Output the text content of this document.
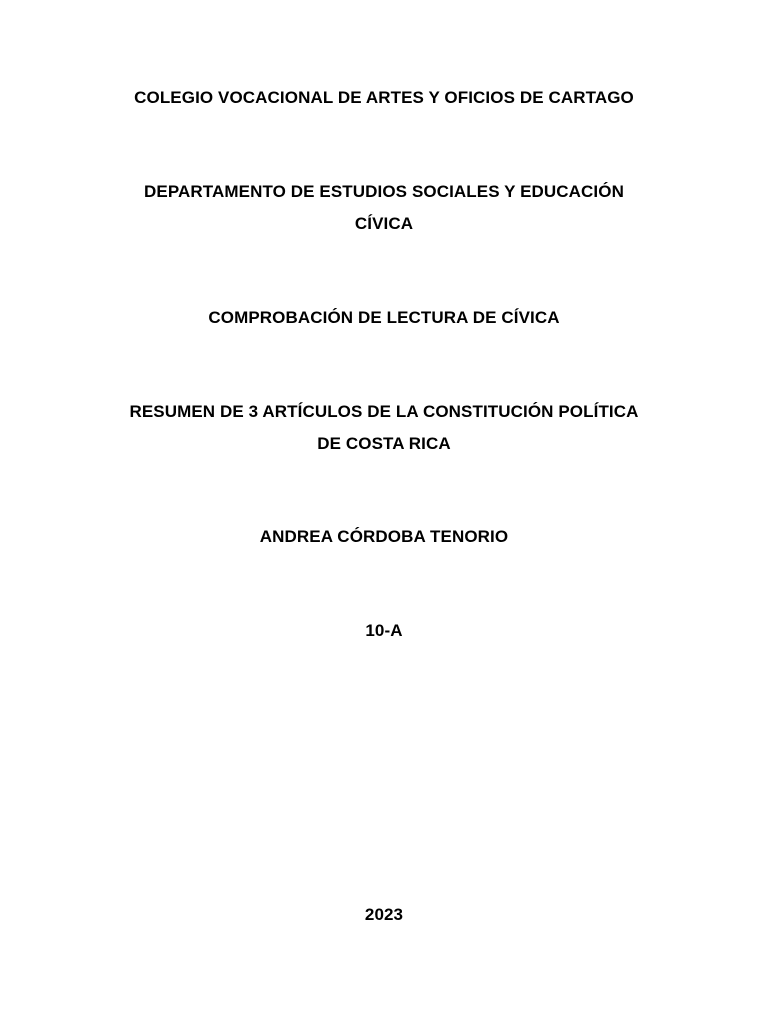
COLEGIO VOCACIONAL DE ARTES Y OFICIOS DE CARTAGO
DEPARTAMENTO DE ESTUDIOS SOCIALES Y EDUCACIÓN
CÍVICA
COMPROBACIÓN DE LECTURA DE CÍVICA
RESUMEN DE 3 ARTÍCULOS DE LA CONSTITUCIÓN POLÍTICA
DE COSTA RICA
ANDREA CÓRDOBA TENORIO
10-A
2023
